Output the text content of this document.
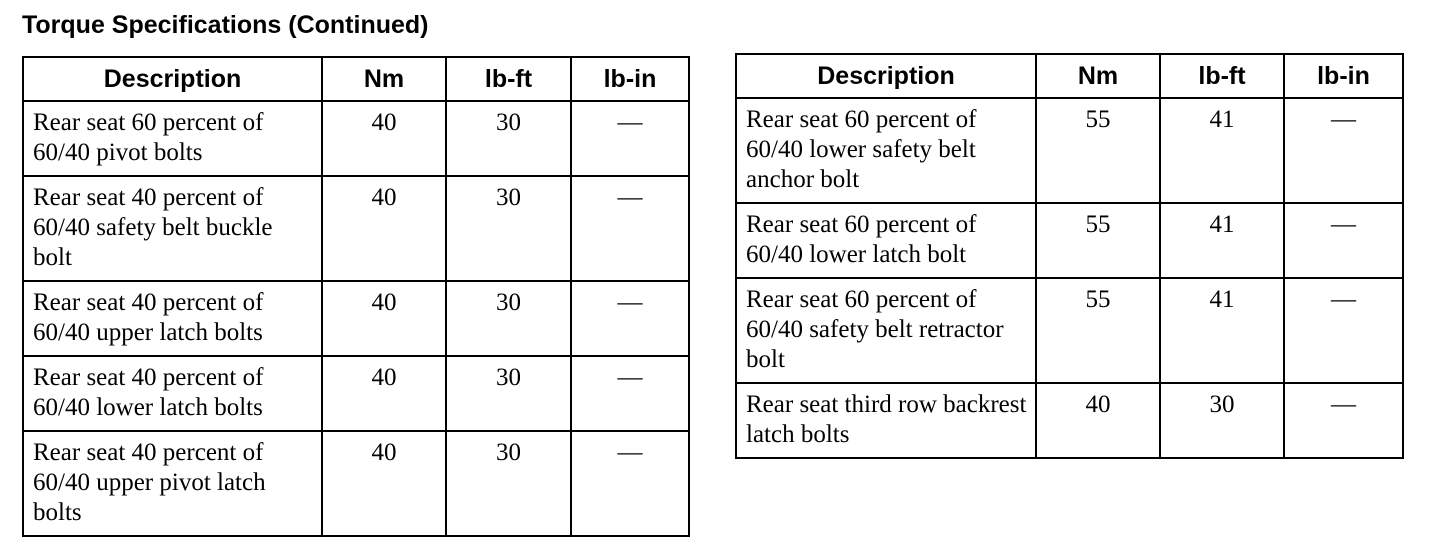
Torque Specifications (Continued)
Description	Nm	lb-ft	lb-in
Rear seat 60 percent of 60/40 pivot bolts	40	30	—
Rear seat 40 percent of 60/40 safety belt buckle bolt	40	30	—
Rear seat 40 percent of 60/40 upper latch bolts	40	30	—
Rear seat 40 percent of 60/40 lower latch bolts	40	30	—
Rear seat 40 percent of 60/40 upper pivot latch bolts	40	30	—
Description	Nm	lb-ft	lb-in
Rear seat 60 percent of 60/40 lower safety belt anchor bolt	55	41	—
Rear seat 60 percent of 60/40 lower latch bolt	55	41	—
Rear seat 60 percent of 60/40 safety belt retractor bolt	55	41	—
Rear seat third row backrest latch bolts	40	30	—
